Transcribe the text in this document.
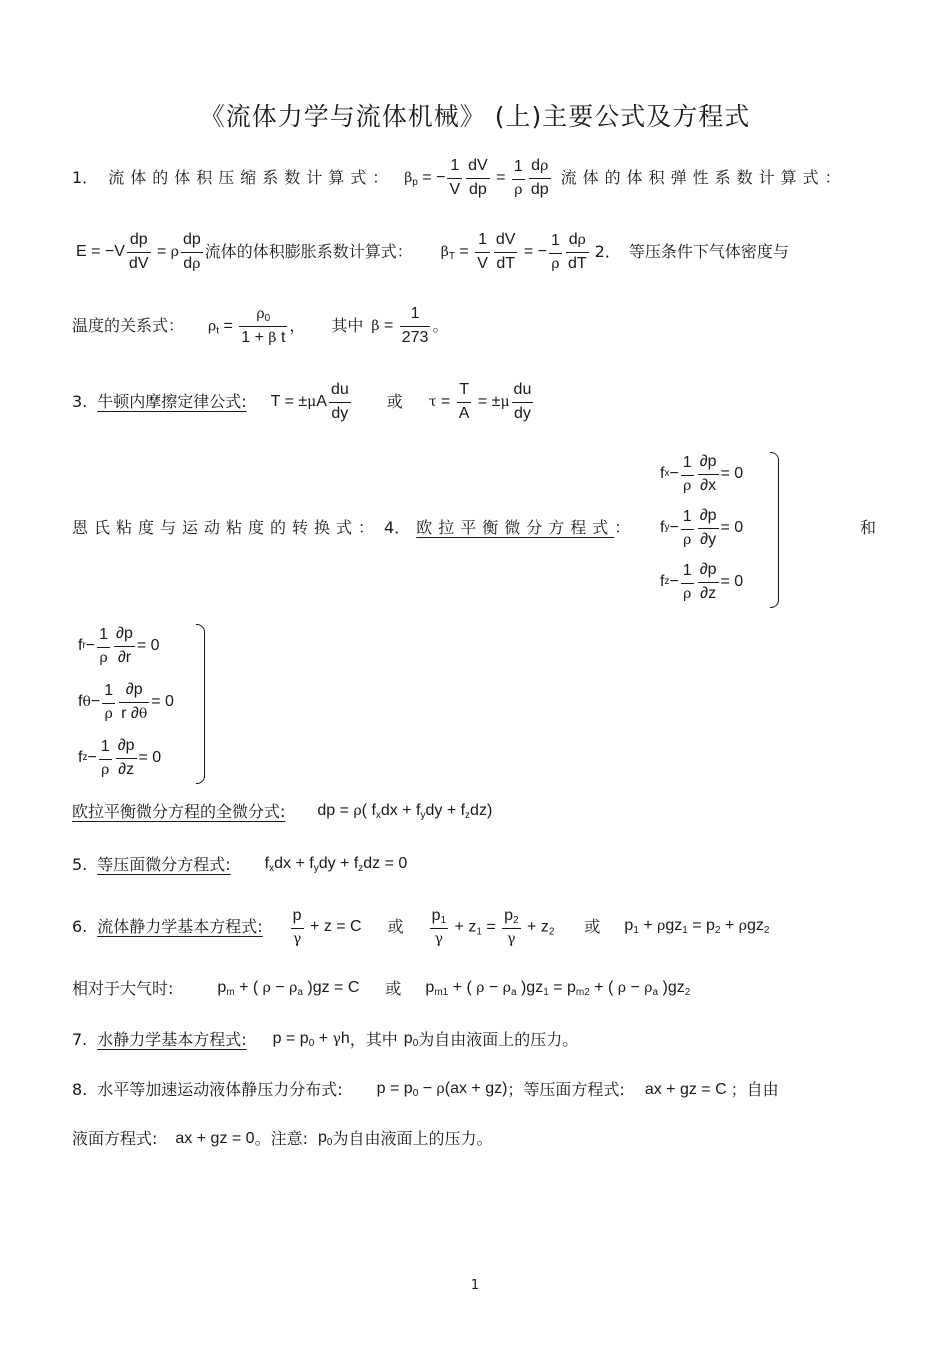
《流体力学与流体机械》 (上)主要公式及方程式
1． 流体的体积压缩系数计算式： $\beta_p$ = − $\frac{1}{V} \frac{dV}{dp} = \frac{1}{\rho} \frac{d\rho}{dp}$ 流体的体积弹性系数计算式：
$E = -V \frac{dp}{dV} = \rho \frac{dp}{d\rho}$ 流体的体积膨胀系数计算式： $\beta_T = \frac{1}{V} \frac{dV}{dT}$ = − $\frac{1}{\rho} \frac{d\rho}{dT} 2$． 等压条件下气体密度与
温度的关系式： $\rho_t = \frac{\rho_0}{\text{1 + β t}}$ ， 其中 $\beta = \frac{1}{273}$ 。
3. 牛顿内摩擦定律公式: $T = \pm\mu A \frac{du}{dy}$ 或 $\tau = \frac{T}{A} = \pm\mu \frac{du}{dy}$
恩氏粘度与运动粘度的转换式： 4． 欧拉平衡微分方程式 ：
f $x - \frac{1}{\rho} \frac{\partial p}{\partial x} = 0$
f $y - \frac{1}{\rho} \frac{\partial p}{\partial y} = 0$
f $z - \frac{1}{\rho} \frac{\partial p}{\partial z} = 0$
和
f $r - \frac{1}{\rho} \frac{\partial p}{\partial r} = 0$
f $\theta - \frac{1}{\rho} \frac{\partial p}{r \partial\theta} = 0$
f $z - \frac{1}{\rho} \frac{\partial p}{\partial z} = 0$
欧拉平衡微分方程的全微分式: dp = ρ( $f_xdx + f_ydy + f_zdz$)
5. 等压面微分方程式: $f_xdx + f_ydy + f_zdz = 0$
6. 流体静力学基本方程式: $\frac{p}{\gamma} + z = C$ 或 $\frac{p_1}{\gamma} + z_1 = \frac{p_2}{\gamma} + z_2$ 或 $p_1 + \rho gz_1 = p_2 + \rho gz_2$
相对于大气时:	$p_m$ + ( $\rho - \rho_a$ )gz = C 或 $p_{m1}$ + ( $\rho - \rho_a$ )$gz_1 = p_{m2}$ + ( $\rho - \rho_a$ )$gz_2$
7. 水静力学基本方程式: $p = p_0 + \gamma h$ ，其中 $p_0$ 为自由液面上的压力。
8. 水平等加速运动液体静压力分布式: $p = p_0 - \rho(ax + gz)$ ；等压面方程式: ax + gz = C ；自由
液面方程式: ax + gz = 0 。注意: $p_0$ 为自由液面上的压力。
1
